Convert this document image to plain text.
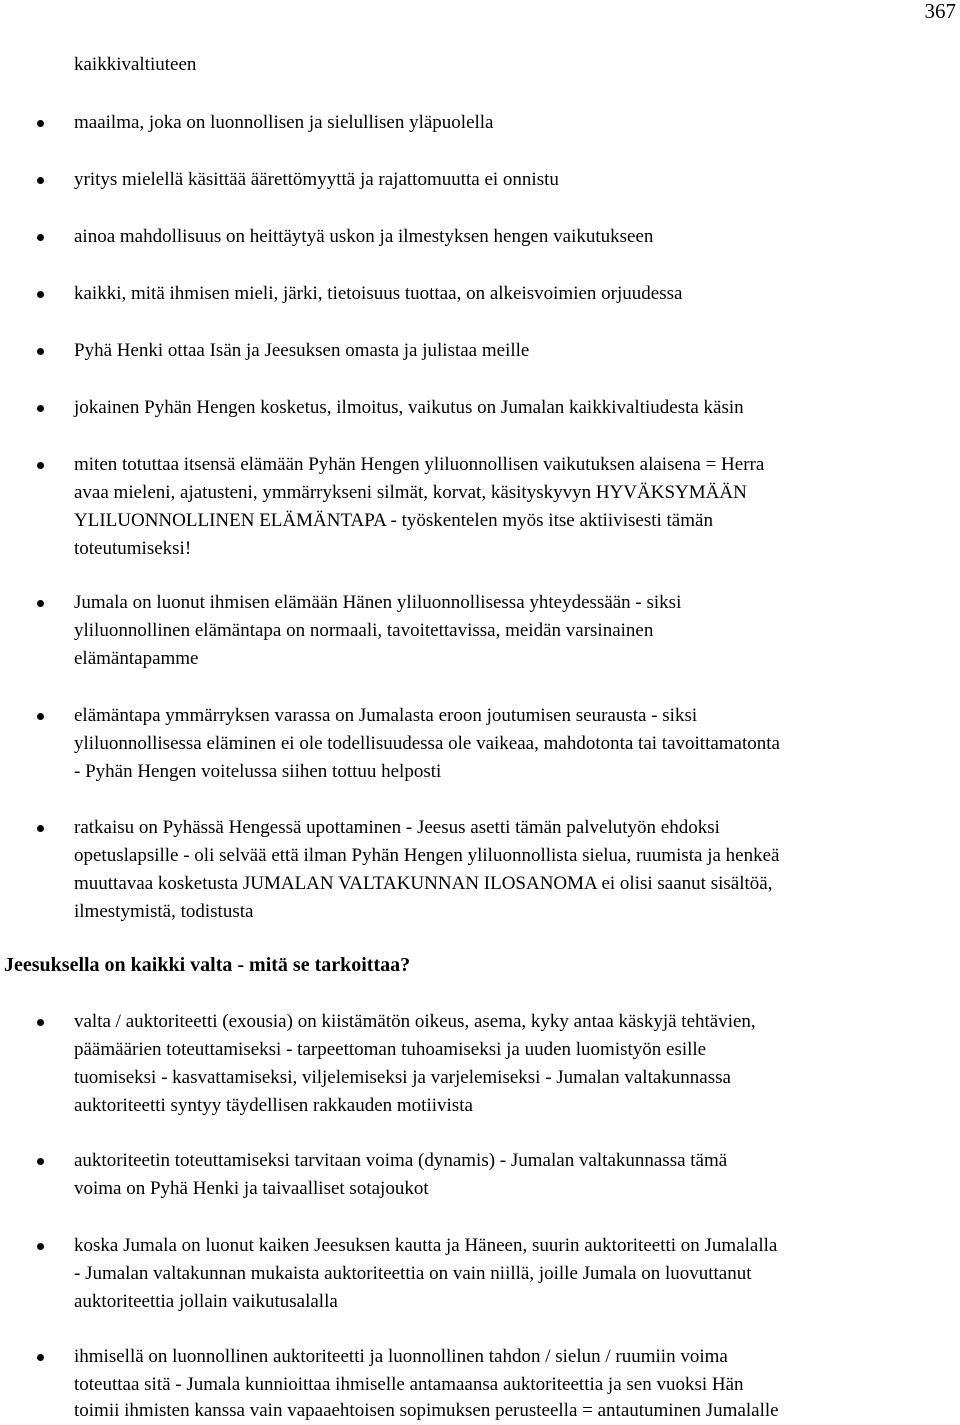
367

kaikkivaltiuteen

maailma, joka on luonnollisen ja sielullisen yläpuolella

yritys mielellä käsittää äärettömyyttä ja rajattomuutta ei onnistu

ainoa mahdollisuus on heittäytyä uskon ja ilmestyksen hengen vaikutukseen

kaikki, mitä ihmisen mieli, järki, tietoisuus tuottaa, on alkeisvoimien orjuudessa

Pyhä Henki ottaa Isän ja Jeesuksen omasta ja julistaa meille

jokainen Pyhän Hengen kosketus, ilmoitus, vaikutus on Jumalan kaikkivaltiudesta käsin

miten totuttaa itsensä elämään Pyhän Hengen yliluonnollisen vaikutuksen alaisena = Herra

avaa mieleni, ajatusteni, ymmärrykseni silmät, korvat, käsityskyvyn HYVÄKSYMÄÄN

YLILUONNOLLINEN ELÄMÄNTAPA - työskentelen myös itse aktiivisesti tämän

toteutumiseksi!

Jumala on luonut ihmisen elämään Hänen yliluonnollisessa yhteydessään - siksi

yliluonnollinen elämäntapa on normaali, tavoitettavissa, meidän varsinainen

elämäntapamme

elämäntapa ymmärryksen varassa on Jumalasta eroon joutumisen seurausta - siksi

yliluonnollisessa eläminen ei ole todellisuudessa ole vaikeaa, mahdotonta tai tavoittamatonta

- Pyhän Hengen voitelussa siihen tottuu helposti

ratkaisu on Pyhässä Hengessä upottaminen - Jeesus asetti tämän palvelutyön ehdoksi

opetuslapsille - oli selvää että ilman Pyhän Hengen yliluonnollista sielua, ruumista ja henkeä

muuttavaa kosketusta JUMALAN VALTAKUNNAN ILOSANOMA ei olisi saanut sisältöä,

ilmestymistä, todistusta

Jeesuksella on kaikki valta - mitä se tarkoittaa?

valta / auktoriteetti (exousia) on kiistämätön oikeus, asema, kyky antaa käskyjä tehtävien,

päämäärien toteuttamiseksi - tarpeettoman tuhoamiseksi ja uuden luomistyön esille

tuomiseksi - kasvattamiseksi, viljelemiseksi ja varjelemiseksi - Jumalan valtakunnassa

auktoriteetti syntyy täydellisen rakkauden motiivista

auktoriteetin toteuttamiseksi tarvitaan voima (dynamis) - Jumalan valtakunnassa tämä

voima on Pyhä Henki ja taivaalliset sotajoukot

koska Jumala on luonut kaiken Jeesuksen kautta ja Häneen, suurin auktoriteetti on Jumalalla

- Jumalan valtakunnan mukaista auktoriteettia on vain niillä, joille Jumala on luovuttanut

auktoriteettia jollain vaikutusalalla

ihmisellä on luonnollinen auktoriteetti ja luonnollinen tahdon / sielun / ruumiin voima

toteuttaa sitä - Jumala kunnioittaa ihmiselle antamaansa auktoriteettia ja sen vuoksi Hän

toimii ihmisten kanssa vain vapaaehtoisen sopimuksen perusteella = antautuminen Jumalalle
